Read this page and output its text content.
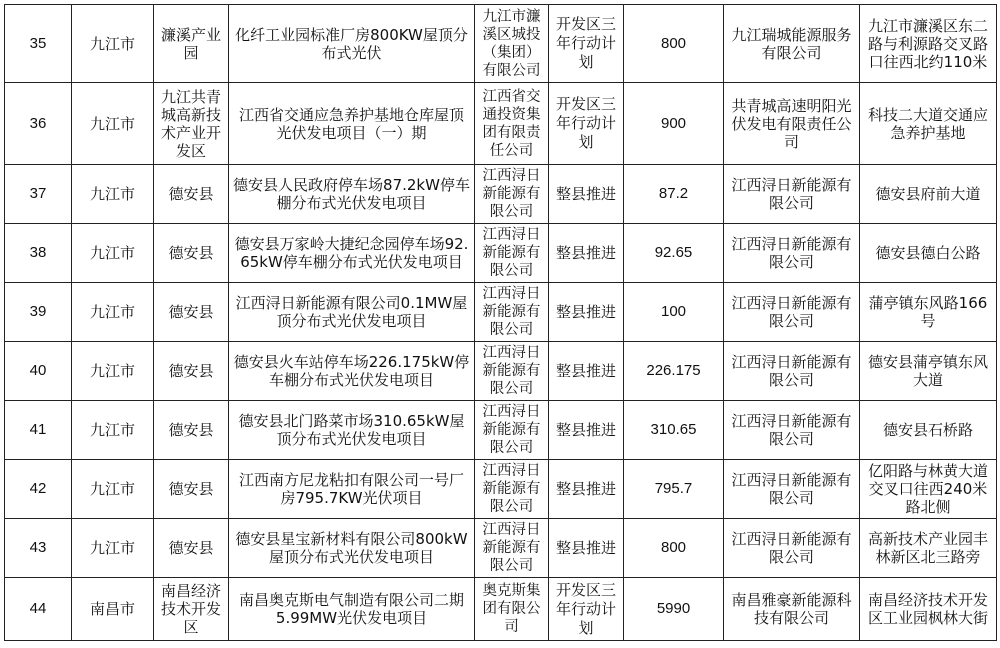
35	九江市	濂溪产业园	化纤工业园标准厂房800KW屋顶分布式光伏	九江市濂溪区城投（集团）有限公司	开发区三年行动计划	800	九江瑞城能源服务有限公司	九江市濂溪区东二路与利源路交叉路口往西北约110米
36	九江市	九江共青城高新技术产业开发区	江西省交通应急养护基地仓库屋顶光伏发电项目（一）期	江西省交通投资集团有限责任公司	开发区三年行动计划	900	共青城高速明阳光伏发电有限责任公司	科技二大道交通应急养护基地
37	九江市	德安县	德安县人民政府停车场87.2kW停车棚分布式光伏发电项目	江西浔日新能源有限公司	整县推进	87.2	江西浔日新能源有限公司	德安县府前大道
38	九江市	德安县	德安县万家岭大捷纪念园停车场92.65kW停车棚分布式光伏发电项目	江西浔日新能源有限公司	整县推进	92.65	江西浔日新能源有限公司	德安县德白公路
39	九江市	德安县	江西浔日新能源有限公司0.1MW屋顶分布式光伏发电项目	江西浔日新能源有限公司	整县推进	100	江西浔日新能源有限公司	蒲亭镇东风路166号
40	九江市	德安县	德安县火车站停车场226.175kW停车棚分布式光伏发电项目	江西浔日新能源有限公司	整县推进	226.175	江西浔日新能源有限公司	德安县蒲亭镇东风大道
41	九江市	德安县	德安县北门路菜市场310.65kW屋顶分布式光伏发电项目	江西浔日新能源有限公司	整县推进	310.65	江西浔日新能源有限公司	德安县石桥路
42	九江市	德安县	江西南方尼龙粘扣有限公司一号厂房795.7KW光伏项目	江西浔日新能源有限公司	整县推进	795.7	江西浔日新能源有限公司	亿阳路与林黄大道交叉口往西240米路北侧
43	九江市	德安县	德安县星宝新材料有限公司800kW屋顶分布式光伏发电项目	江西浔日新能源有限公司	整县推进	800	江西浔日新能源有限公司	高新技术产业园丰林新区北三路旁
44	南昌市	南昌经济技术开发区	南昌奥克斯电气制造有限公司二期5.99MW光伏发电项目	奥克斯集团有限公司	开发区三年行动计划	5990	南昌雅豪新能源科技有限公司	南昌经济技术开发区工业园枫林大街
